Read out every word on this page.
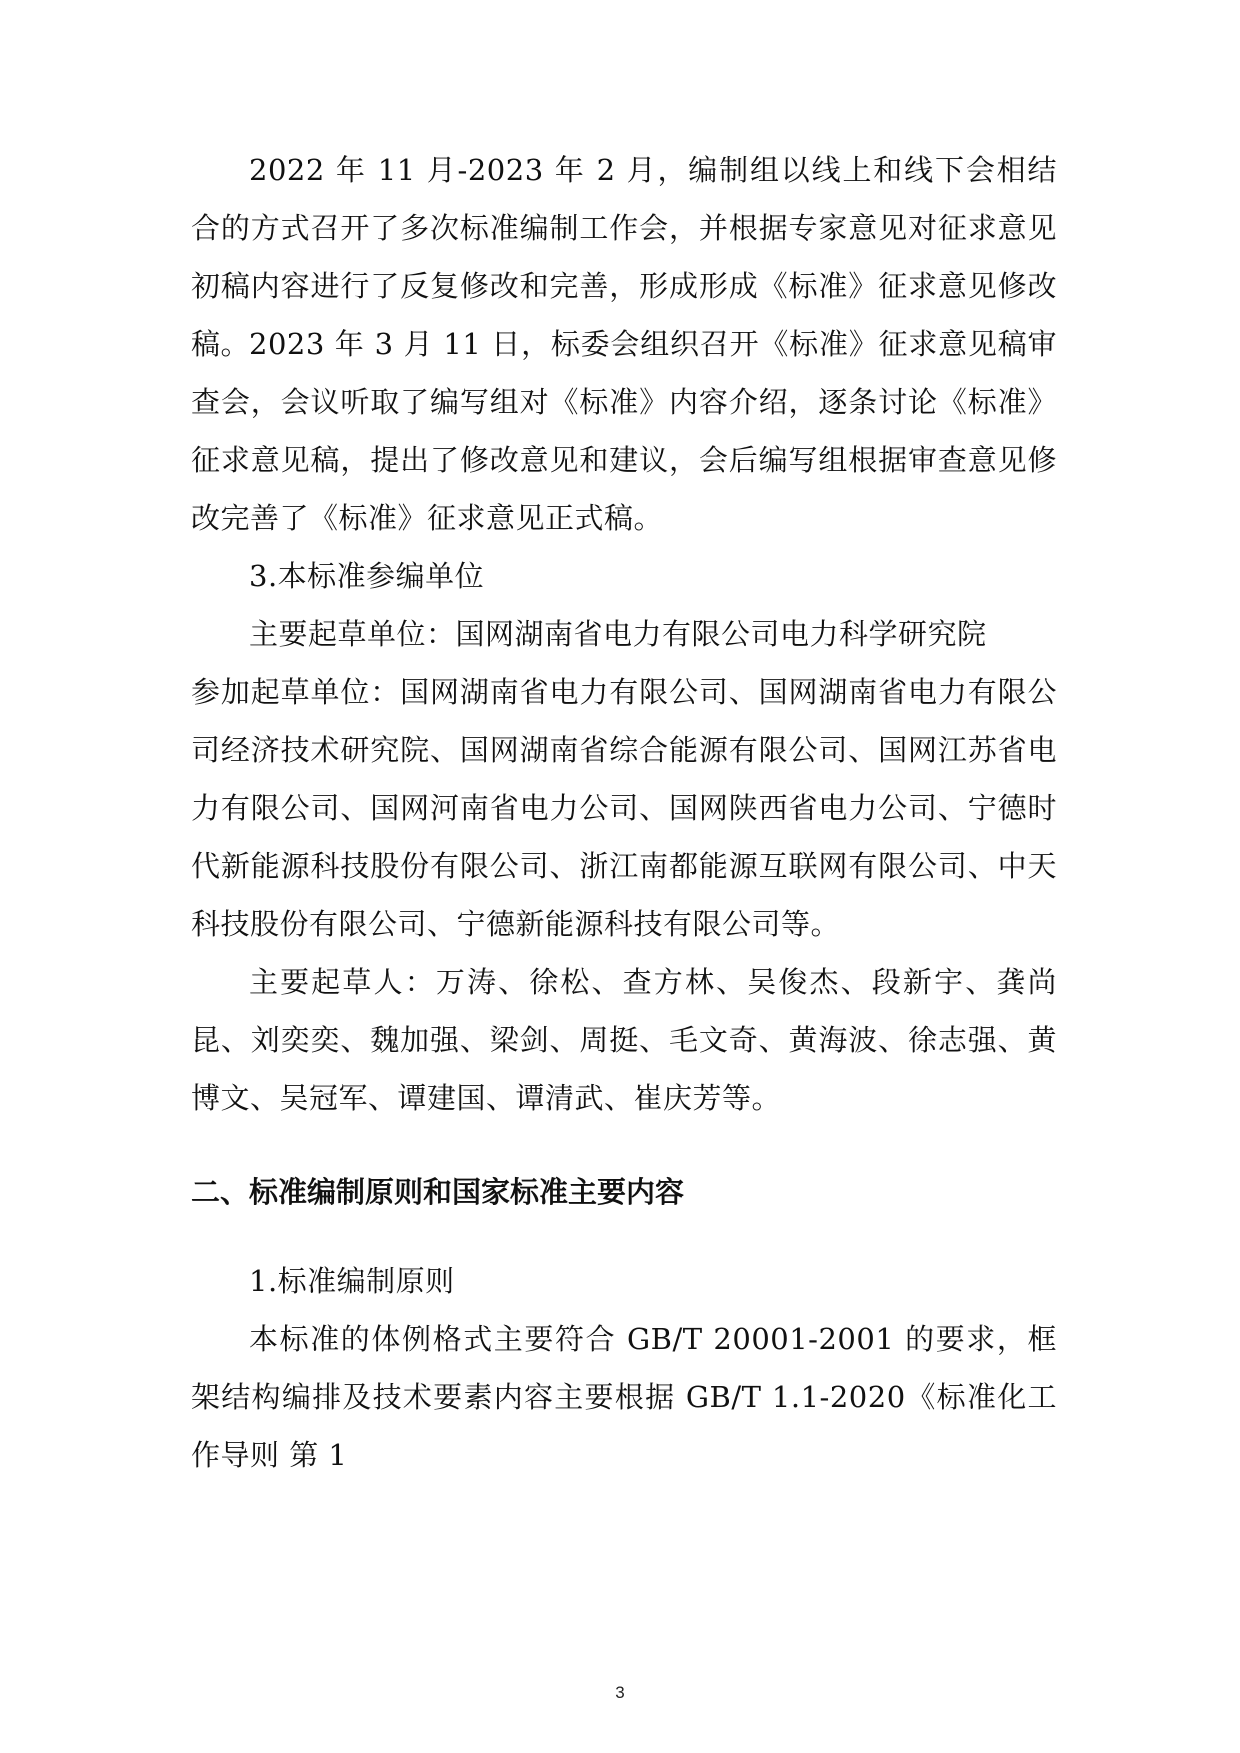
2022 年 11 月-2023 年 2 月，编制组以线上和线下会相结合的方式召开了多次标准编制工作会，并根据专家意见对征求意见初稿内容进行了反复修改和完善，形成形成《标准》征求意见修改稿。

2023 年 3 月 11 日，标委会组织召开《标准》征求意见稿审查会，会议听取了编写组对《标准》内容介绍，逐条讨论《标准》征求意见稿，提出了修改意见和建议，会后编写组根据审查意见修改完善了《标准》征求意见正式稿。

3.本标准参编单位

主要起草单位：国网湖南省电力有限公司电力科学研究院

参加起草单位：国网湖南省电力有限公司、国网湖南省电力有限公司经济技术研究院、国网湖南省综合能源有限公司、国网江苏省电力有限公司、国网河南省电力公司、国网陕西省电力公司、宁德时代新能源科技股份有限公司、浙江南都能源互联网有限公司、中天科技股份有限公司、宁德新能源科技有限公司等。

主要起草人：万涛、徐松、查方林、吴俊杰、段新宇、龚尚昆、刘奕奕、魏加强、梁剑、周挺、毛文奇、黄海波、徐志强、黄博文、吴冠军、谭建国、谭清武、崔庆芳等。

二、标准编制原则和国家标准主要内容

1.标准编制原则

本标准的体例格式主要符合 GB/T 20001-2001 的要求，框架结构编排及技术要素内容主要根据 GB/T 1.1-2020《标准化工作导则 第 1

3
